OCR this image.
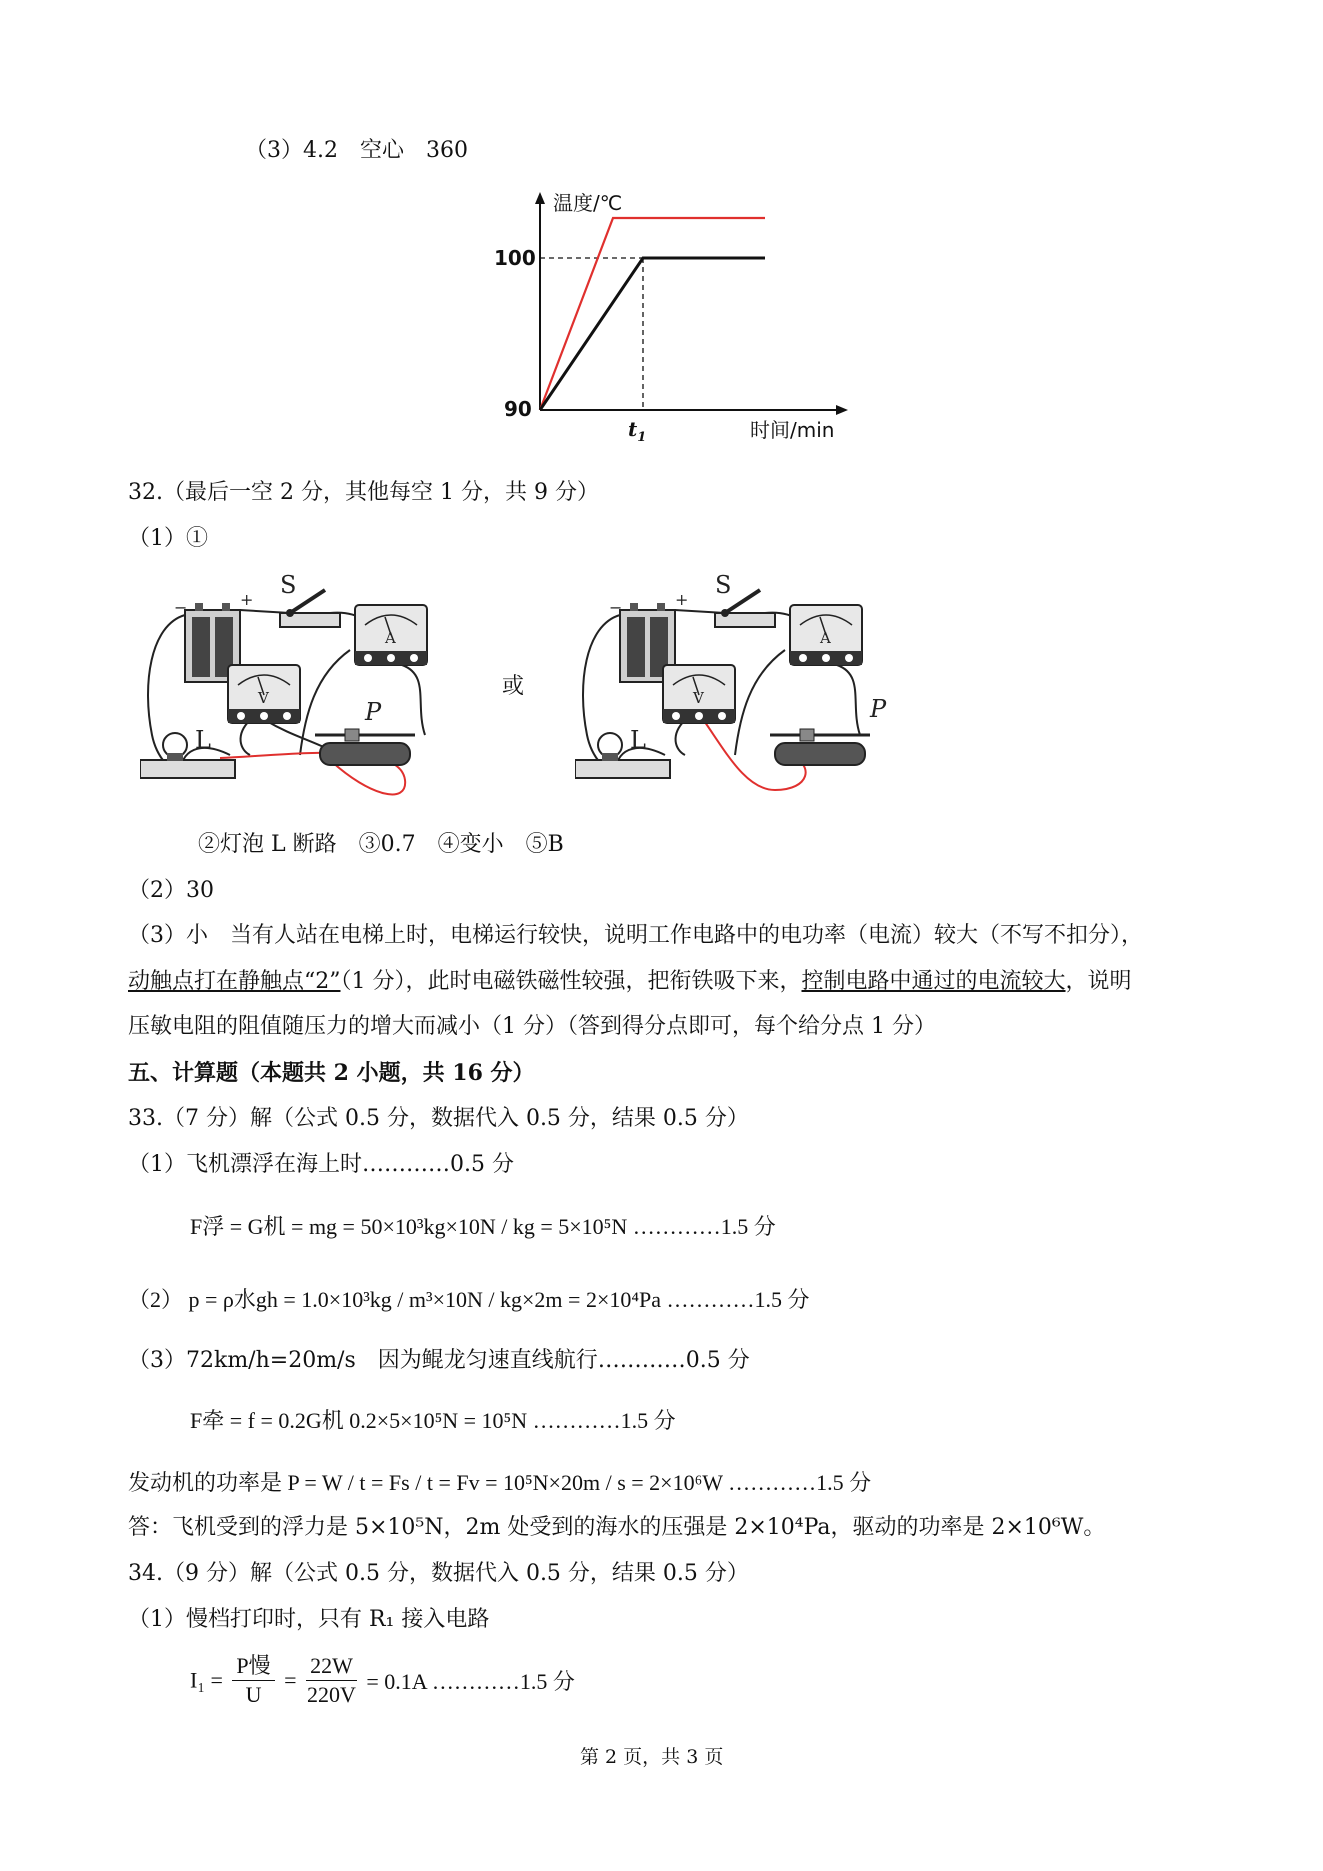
（3）4.2　空心　360
温度/℃
时间/min
100
90
$t_1$
32.（最后一空 2 分，其他每空 1 分，共 9 分）
（1）①
−	+
S
A
V
L
P
或
−	+
S
A
V
L
P
②灯泡 L 断路　③0.7　④变小　⑤B
（2）30
（3）小　当有人站在电梯上时，电梯运行较快，说明工作电路中的电功率（电流）较大（不写不扣分），
动触点打在静触点“2”（1 分），此时电磁铁磁性较强，把衔铁吸下来，控制电路中通过的电流较大，说明
压敏电阻的阻值随压力的增大而减小（1 分）（答到得分点即可，每个给分点 1 分）
五、计算题（本题共 2 小题，共 16 分）
33.（7 分）解（公式 0.5 分，数据代入 0.5 分，结果 0.5 分）
（1）飞机漂浮在海上时…………0.5 分
F浮 = G机 = mg = 50×10³kg×10N / kg = 5×10⁵N …………1.5 分
（2） p = ρ水gh = 1.0×10³kg / m³×10N / kg×2m = 2×10⁴Pa …………1.5 分
（3）72km/h=20m/s　因为鲲龙匀速直线航行…………0.5 分
F牵 = f = 0.2G机 0.2×5×10⁵N = 10⁵N …………1.5 分
发动机的功率是 P = W / t = Fs / t = Fv = 10⁵N×20m / s = 2×10⁶W …………1.5 分
答：飞机受到的浮力是 5×10⁵N，2m 处受到的海水的压强是 2×10⁴Pa，驱动的功率是 2×10⁶W。
34.（9 分）解（公式 0.5 分，数据代入 0.5 分，结果 0.5 分）
（1）慢档打印时，只有 R₁ 接入电路
$I_1 = \frac{\text{P慢}}{U} = \frac{22W}{220V} = 0.1A$ …………1.5 分
第 2 页，共 3 页
